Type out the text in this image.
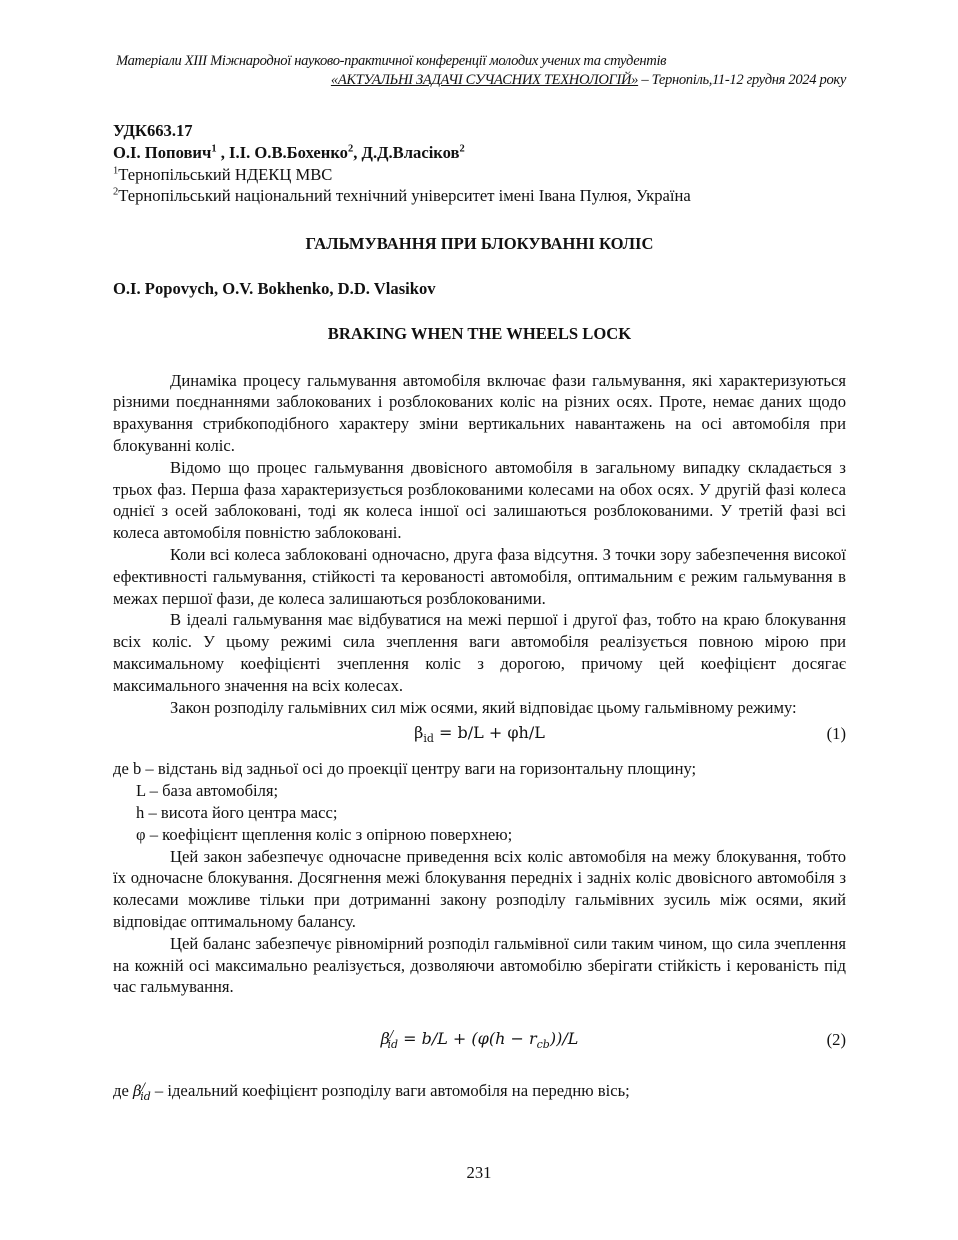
Матеріали XIII Міжнародної науково-практичної конференції молодих учених та студентів
«АКТУАЛЬНІ ЗАДАЧІ СУЧАСНИХ ТЕХНОЛОГІЙ» – Тернопіль,11-12 грудня 2024 року
УДК663.17
О.І. Попович$^1$ , І.І. О.В.Бохенко$^2$, Д.Д.Власіков$^2$
$^1$Тернопільський НДЕКЦ МВС
$^2$Тернопільський національний технічний університет імені Івана Пулюя, Україна
ГАЛЬМУВАННЯ ПРИ БЛОКУВАННІ КОЛІС
O.I. Popovych, O.V. Bokhenko, D.D. Vlasikov
BRAKING WHEN THE WHEELS LOCK

Динаміка процесу гальмування автомобіля включає фази гальмування, які характеризуються різними поєднаннями заблокованих і розблокованих коліс на різних осях. Проте, немає даних щодо врахування стрибкоподібного характеру зміни вертикальних навантажень на осі автомобіля при блокуванні коліс.

Відомо що процес гальмування двовісного автомобіля в загальному випадку складається з трьох фаз. Перша фаза характеризується розблокованими колесами на обох осях. У другій фазі колеса однієї з осей заблоковані, тоді як колеса іншої осі залишаються розблокованими. У третій фазі всі колеса автомобіля повністю заблоковані.

Коли всі колеса заблоковані одночасно, друга фаза відсутня. З точки зору забезпечення високої ефективності гальмування, стійкості та керованості автомобіля, оптимальним є режим гальмування в межах першої фази, де колеса залишаються розблокованими.

В ідеалі гальмування має відбуватися на межі першої і другої фаз, тобто на краю блокування всіх коліс. У цьому режимі сила зчеплення ваги автомобіля реалізується повною мірою при максимальному коефіцієнті зчеплення коліс з дорогою, причому цей коефіцієнт досягає максимального значення на всіх колесах.

Закон розподілу гальмівних сил між осями, який відповідає цьому гальмівному режиму:

$\beta_{id} = b/L + \varphi h/L$	(1)

де b – відстань від задньої осі до проекції центру ваги на горизонтальну площину;

L – база автомобіля;

h – висота його центра масс;

φ – коефіцієнт щеплення коліс з опірною поверхнею;

Цей закон забезпечує одночасне приведення всіх коліс автомобіля на межу блокування, тобто їх одночасне блокування. Досягнення межі блокування передніх і задніх коліс двовісного автомобіля з колесами можливе тільки при дотриманні закону розподілу гальмівних зусиль між осями, який відповідає оптимальному балансу.

Цей баланс забезпечує рівномірний розподіл гальмівної сили таким чином, що сила зчеплення на кожній осі максимально реалізується, дозволяючи автомобілю зберігати стійкість і керованість під час гальмування.

$\beta^/_{id} = b/L + (\varphi(h - r_{cb}))/L$	(2)

де $\beta^/_{id}$ – ідеальний коефіцієнт розподілу ваги автомобіля на передню вісь;

231
